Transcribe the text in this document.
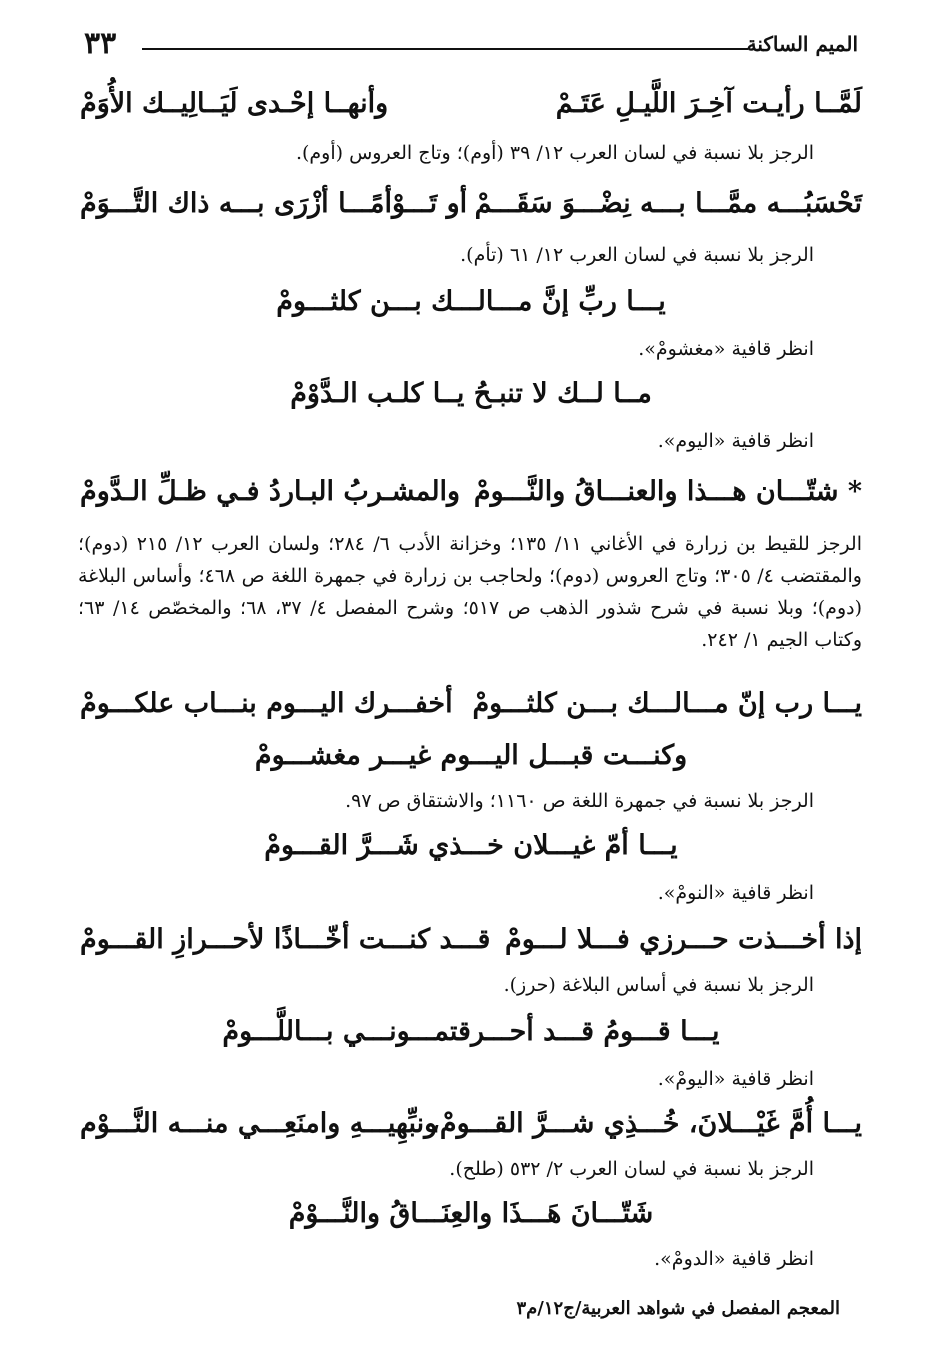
٣٣	الميم الساكنة
لَمَّــا رأيـت آخِـرَ اللَّيـلِ عَتَـمْ
وأنهــا إحْـدى لَيَــالِيــك الأُوَمْ
الرجز بلا نسبة في لسان العرب ١٢/ ٣٩ (أوم)؛ وتاج العروس (أوم).
تَحْسَبُـــه ممَّـــا بـــه نِضْـــوَ سَقَـــمْ
أو تَـــوْأمًـــا أزْرَى بـــه ذاك التَّـــوَمْ
الرجز بلا نسبة في لسان العرب ١٢/ ٦١ (تأم).
يـــا ربِّ إنَّ مـــالـــك بـــن كلثـــومْ
انظر قافية «مغشومْ».
مــا لــك لا تنبـحُ يــا كلـب الـدَّوْمْ
انظر قافية «اليوم».
* شتّـــان هـــذا والعنـــاقُ والنَّـــومْ
والمشـربُ البـاردُ فـي ظـلِّ الـدَّومْ
الرجز للقيط بن زرارة في الأغاني ١١/ ١٣٥؛ وخزانة الأدب ٦/ ٢٨٤؛ ولسان العرب ١٢/ ٢١٥ (دوم)؛ والمقتضب ٤/ ٣٠٥؛ وتاج العروس (دوم)؛ ولحاجب بن زرارة في جمهرة اللغة ص ٤٦٨؛ وأساس البلاغة (دوم)؛ وبلا نسبة في شرح شذور الذهب ص ٥١٧؛ وشرح المفصل ٤/ ٣٧، ٦٨؛ والمخصّص ١٤/ ٦٣؛ وكتاب الجيم ١/ ٢٤٢.
يـــا رب إنّ مـــالـــك بـــن كلثـــومْ
أخفـــرك اليـــوم بنـــاب علكـــومْ
وكنـــت قبـــل اليـــوم غيـــر مغشـــومْ
الرجز بلا نسبة في جمهرة اللغة ص ١١٦٠؛ والاشتقاق ص ٩٧.
يـــا أمّ غيـــلان خـــذي شَـــرَّ القـــومْ
انظر قافية «النومْ».
إذا أخـــذت حـــرزي فـــلا لـــومْ
قـــد كنـــت أخّـــاذًا لأحـــرازِ القـــومْ
الرجز بلا نسبة في أساس البلاغة (حرز).
يـــا قـــومُ قـــد أحـــرقتمـــونـــي بـــاللَّـــومْ
انظر قافية «اليومْ».
يـــا أُمَّ غَيْـــلانَ، خُـــذِي شـــرَّ القـــومْ،
ونبِّهِيـــهِ وامنَعِـــي منـــه النَّـــوْم
الرجز بلا نسبة في لسان العرب ٢/ ٥٣٢ (طلح).
شَتّـــانَ هَـــذَا والعِنَـــاقُ والنَّـــوْمْ
انظر قافية «الدومْ».
المعجم المفصل في شواهد العربية/ج١٢/م٣
